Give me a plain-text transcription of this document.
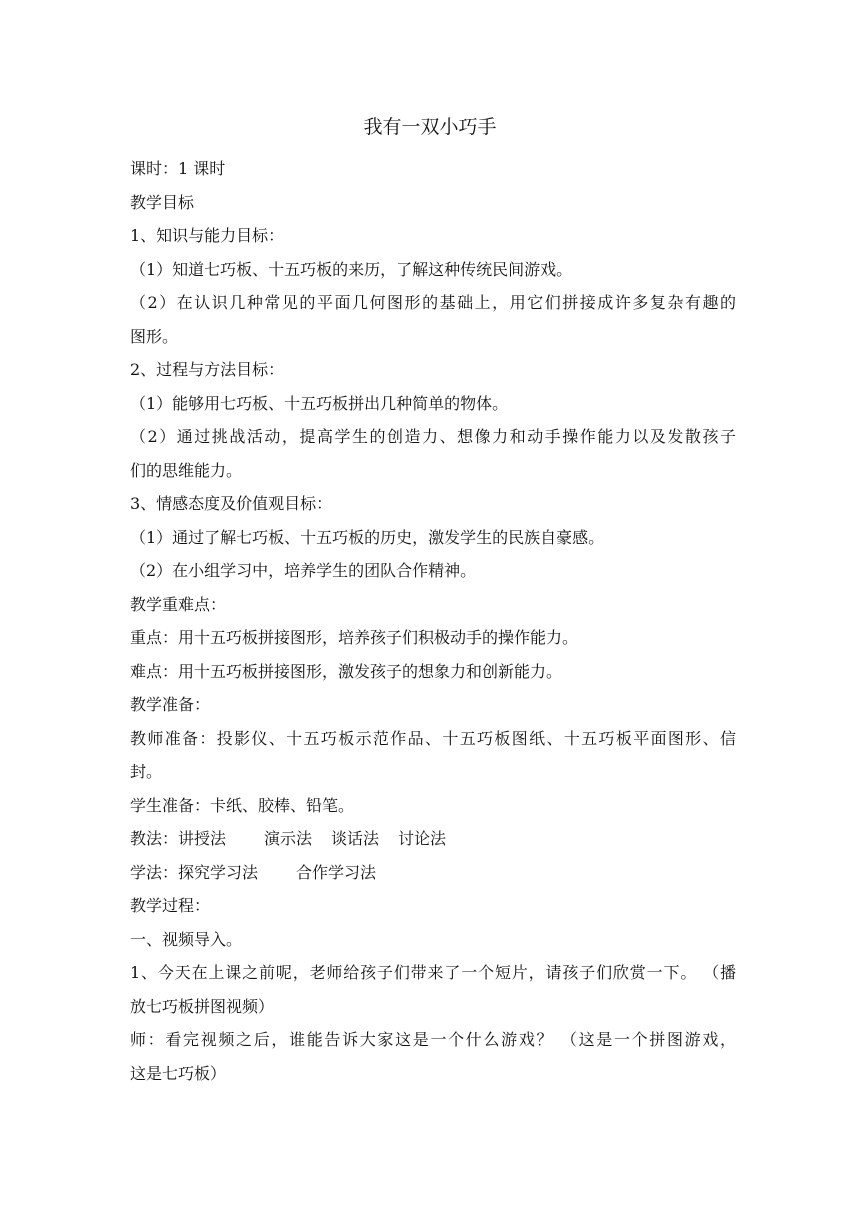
我有一双小巧手
课时：1 课时
教学目标
1、知识与能力目标：
（1）知道七巧板、十五巧板的来历，了解这种传统民间游戏。
（2）在认识几种常见的平面几何图形的基础上，用它们拼接成许多复杂有趣的
图形。
2、过程与方法目标：
（1）能够用七巧板、十五巧板拼出几种简单的物体。
（2）通过挑战活动，提高学生的创造力、想像力和动手操作能力以及发散孩子
们的思维能力。
3、情感态度及价值观目标：
（1）通过了解七巧板、十五巧板的历史，激发学生的民族自豪感。
（2）在小组学习中，培养学生的团队合作精神。
教学重难点：
重点：用十五巧板拼接图形，培养孩子们积极动手的操作能力。
难点：用十五巧板拼接图形，激发孩子的想象力和创新能力。
教学准备：
教师准备：投影仪、十五巧板示范作品、十五巧板图纸、十五巧板平面图形、信
封。
学生准备：卡纸、胶棒、铅笔。
教法：讲授法 演示法 谈话法 讨论法
学法：探究学习法 合作学习法
教学过程：
一、视频导入。
1、今天在上课之前呢，老师给孩子们带来了一个短片，请孩子们欣赏一下。 （播
放七巧板拼图视频）
师：看完视频之后，谁能告诉大家这是一个什么游戏？ （这是一个拼图游戏，
这是七巧板）
